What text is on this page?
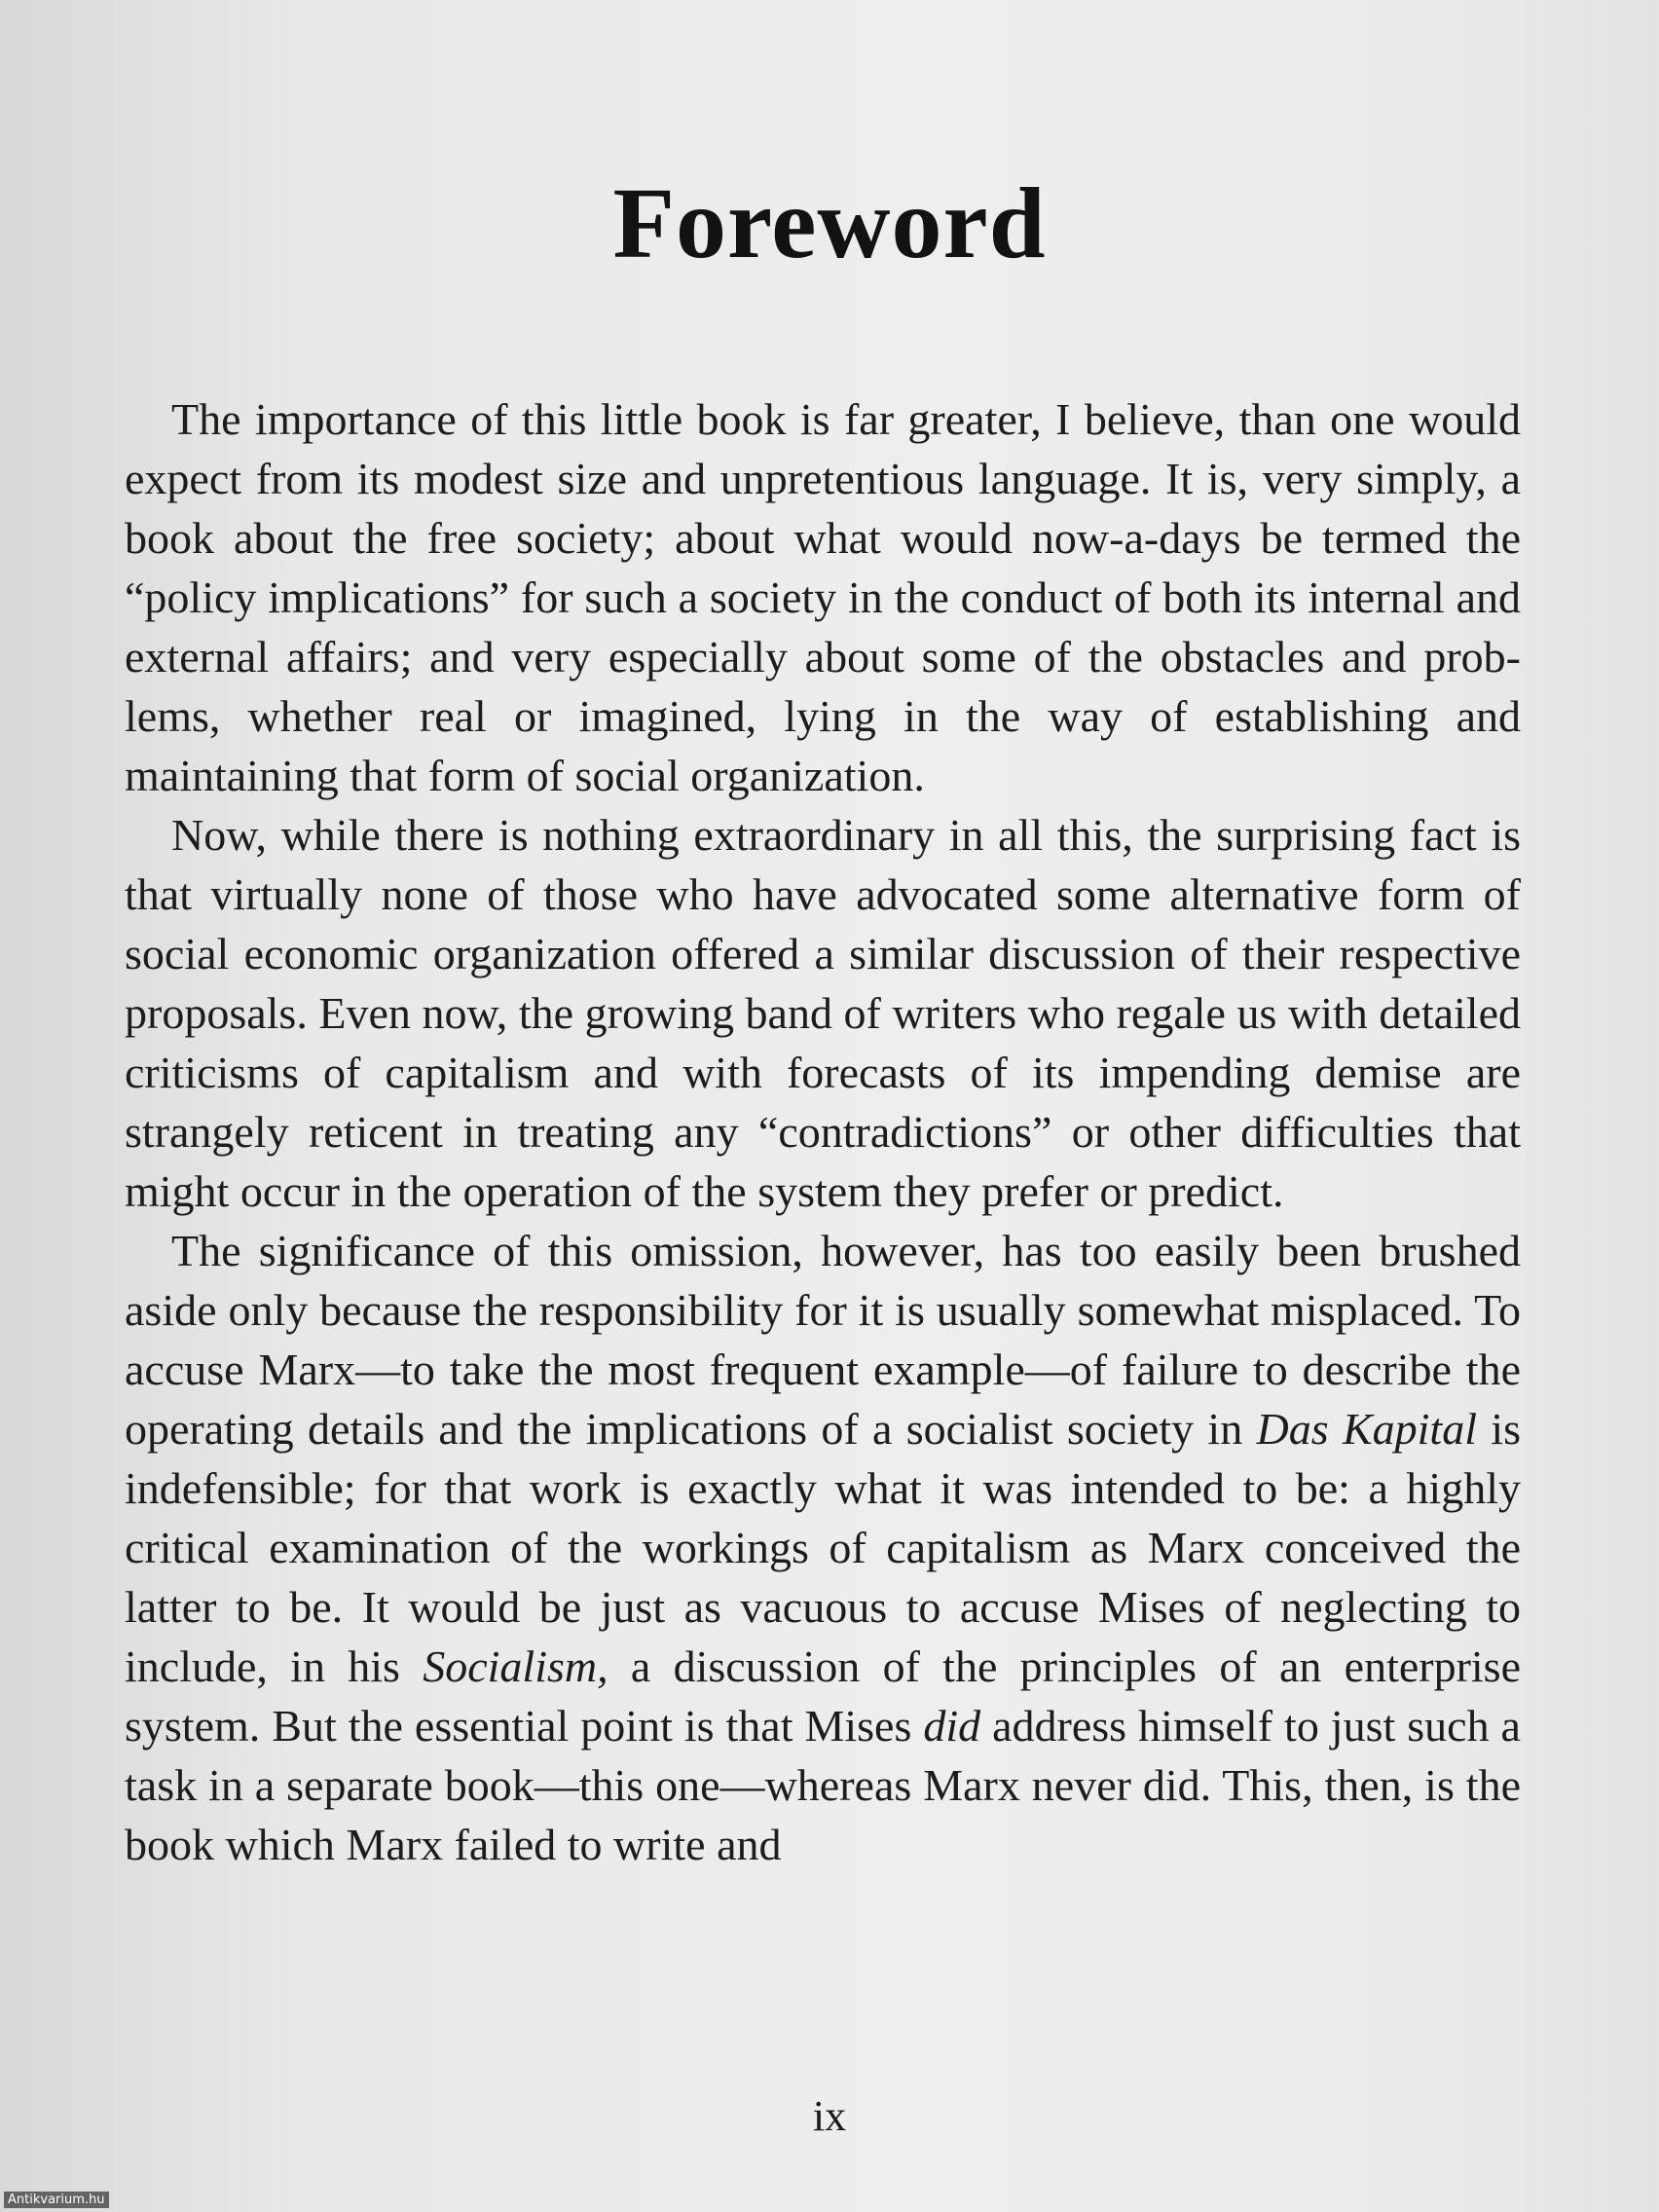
Foreword

The importance of this little book is far greater, I believe, than one would expect from its modest size and unpretentious language. It is, very simply, a book about the free society; about what would now-a-days be termed the “policy implications” for such a society in the conduct of both its internal and external affairs; and very especially about some of the obstacles and problems, whether real or imagined, lying in the way of establishing and maintaining that form of social organization.

Now, while there is nothing extraordinary in all this, the surprising fact is that virtually none of those who have advocated some alternative form of social economic organization offered a similar discussion of their respective proposals. Even now, the growing band of writers who regale us with detailed criticisms of capitalism and with forecasts of its impending demise are strangely reticent in treating any “contradictions” or other difficulties that might occur in the operation of the system they prefer or predict.

The significance of this omission, however, has too easily been brushed aside only because the responsibility for it is usually somewhat misplaced. To accuse Marx—to take the most frequent example—of failure to describe the operating details and the implications of a socialist society in Das Kapital is indefensible; for that work is exactly what it was intended to be: a highly critical examination of the workings of capitalism as Marx conceived the latter to be. It would be just as vacuous to accuse Mises of neglecting to include, in his Socialism, a discussion of the principles of an enterprise system. But the essential point is that Mises did address himself to just such a task in a separate book—this one—whereas Marx never did. This, then, is the book which Marx failed to write and

ix
Antikvarium.hu
